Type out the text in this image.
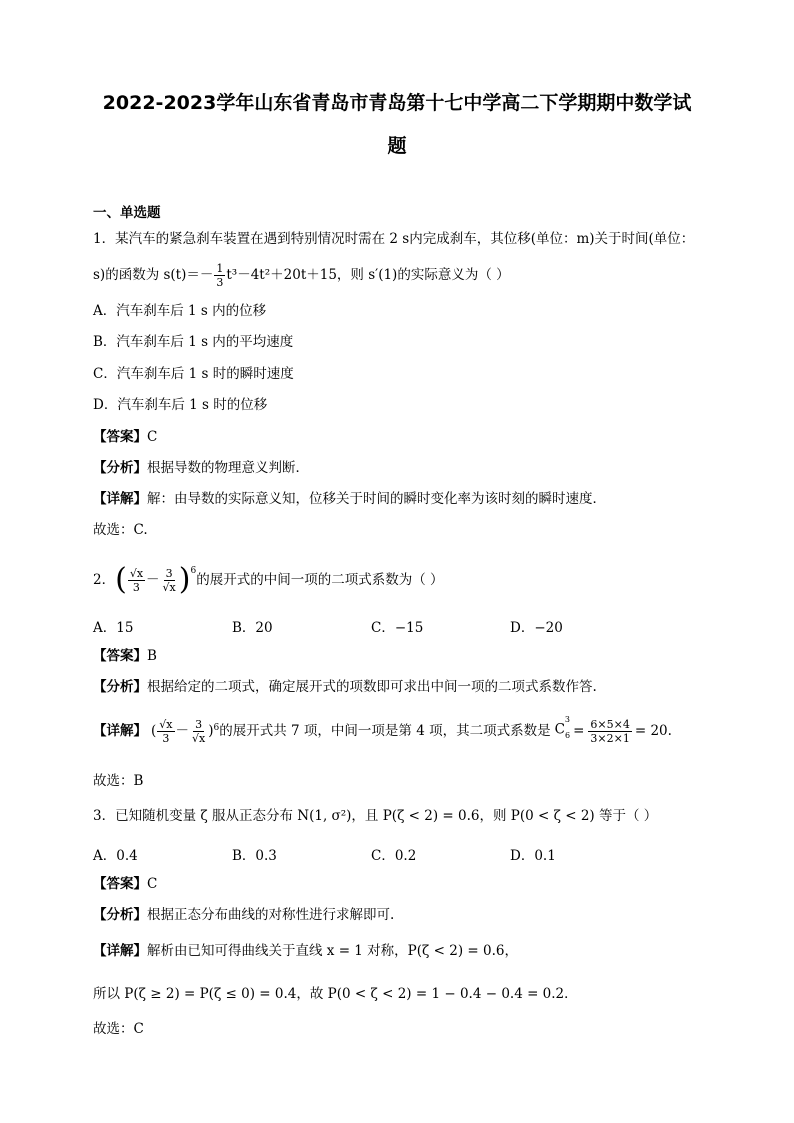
2022-2023学年山东省青岛市青岛第十七中学高二下学期期中数学试
题
一、单选题
1．某汽车的紧急刹车装置在遇到特别情况时需在 2 s内完成刹车，其位移(单位：m)关于时间(单位：
s)的函数为 $s(t)=- \frac{1}{3} t^3-4t^2+20t+15$，则 s′(1)的实际意义为（ ）
A．汽车刹车后 1 s 内的位移
B．汽车刹车后 1 s 内的平均速度
C．汽车刹车后 1 s 时的瞬时速度
D．汽车刹车后 1 s 时的位移
【答案】C
【分析】根据导数的物理意义判断．
【详解】解：由导数的实际意义知，位移关于时间的瞬时变化率为该时刻的瞬时速度．
故选：C.
2． ( $\frac{√x}{3} - \frac{3}{√x} )^6$
的展开式的中间一项的二项式系数为（ ）
A．15	B．20	C．−15	D．−20
【答案】B
【分析】根据给定的二项式，确定展开式的项数即可求出中间一项的二项式系数作答.
【详解】 ( $\frac{√x}{3} - \frac{3}{√x} )^6$ 的展开式共 7 项，中间一项是第 4 项，其二项式系数是 $C^3_6 = \frac{6\times 5\times 4}{3\times 2\times 1} = 20$ .
故选：B
3．已知随机变量 ζ 服从正态分布 N(1, σ²)，且 P(ζ < 2) = 0.6，则 P(0 < ζ < 2) 等于（ ）
A．0.4	B．0.3	C．0.2	D．0.1
【答案】C
【分析】根据正态分布曲线的对称性进行求解即可.
【详解】解析由已知可得曲线关于直线 x = 1 对称，P(ζ < 2) = 0.6，
所以 P(ζ ≥ 2) = P(ζ ≤ 0) = 0.4，故 P(0 < ζ < 2) = 1 − 0.4 − 0.4 = 0.2．
故选：C
